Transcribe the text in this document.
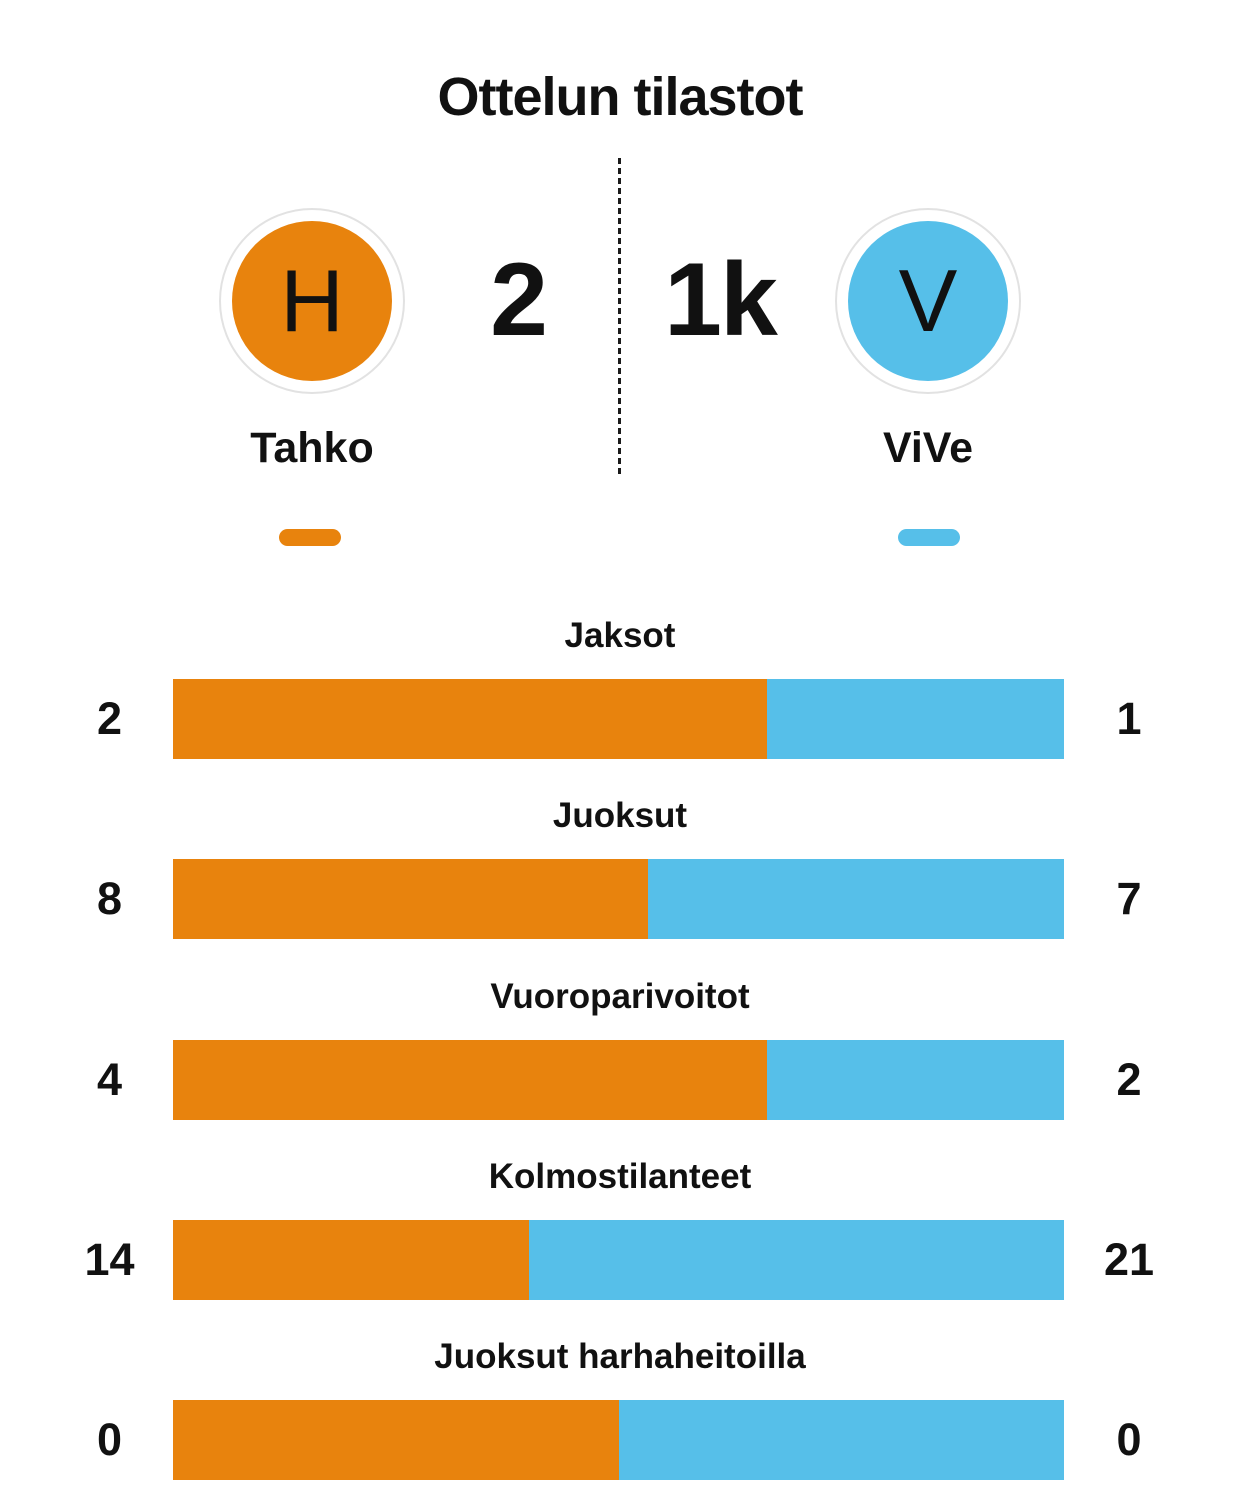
Ottelun tilastot
H	V
2	1k
Tahko	ViVe
Jaksot
2	1
Juoksut
8	7
Vuoroparivoitot
4	2
Kolmostilanteet
14	21
Juoksut harhaheitoilla
0	0
